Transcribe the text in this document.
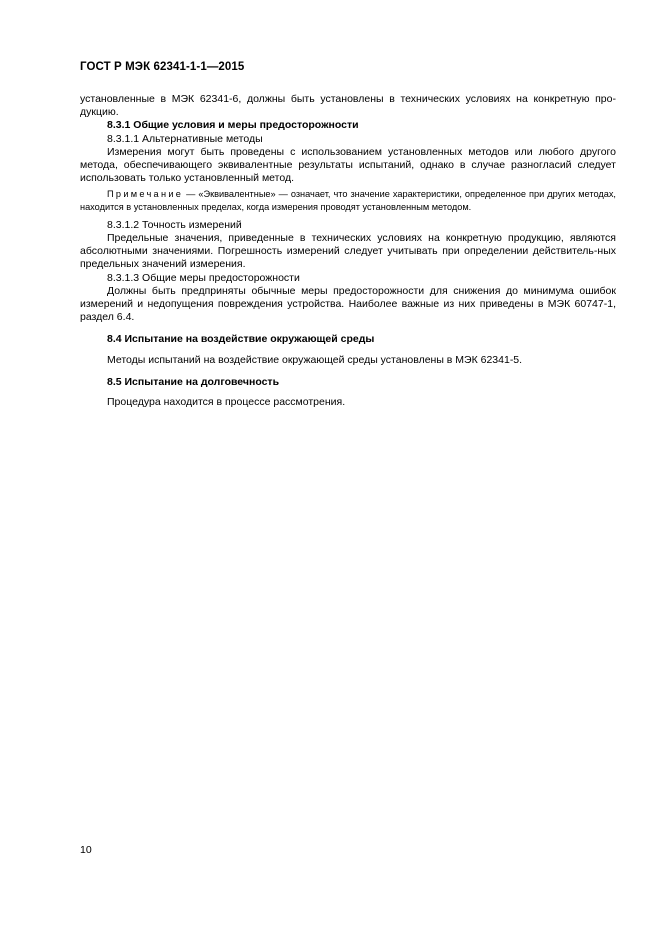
ГОСТ Р МЭК 62341-1-1—2015

установленные в МЭК 62341-6, должны быть установлены в технических условиях на конкретную про-дукцию.

8.3.1 Общие условия и меры предосторожности

8.3.1.1 Альтернативные методы

Измерения могут быть проведены с использованием установленных методов или любого другого метода, обеспечивающего эквивалентные результаты испытаний, однако в случае разногласий следует использовать только установленный метод.

Примечание — «Эквивалентные» — означает, что значение характеристики, определенное при других методах, находится в установленных пределах, когда измерения проводят установленным методом.

8.3.1.2 Точность измерений

Предельные значения, приведенные в технических условиях на конкретную продукцию, являются абсолютными значениями. Погрешность измерений следует учитывать при определении действитель-ных предельных значений измерения.

8.3.1.3 Общие меры предосторожности

Должны быть предприняты обычные меры предосторожности для снижения до минимума ошибок измерений и недопущения повреждения устройства. Наиболее важные из них приведены в МЭК 60747-1, раздел 6.4.

8.4 Испытание на воздействие окружающей среды

Методы испытаний на воздействие окружающей среды установлены в МЭК 62341-5.

8.5 Испытание на долговечность

Процедура находится в процессе рассмотрения.

10
